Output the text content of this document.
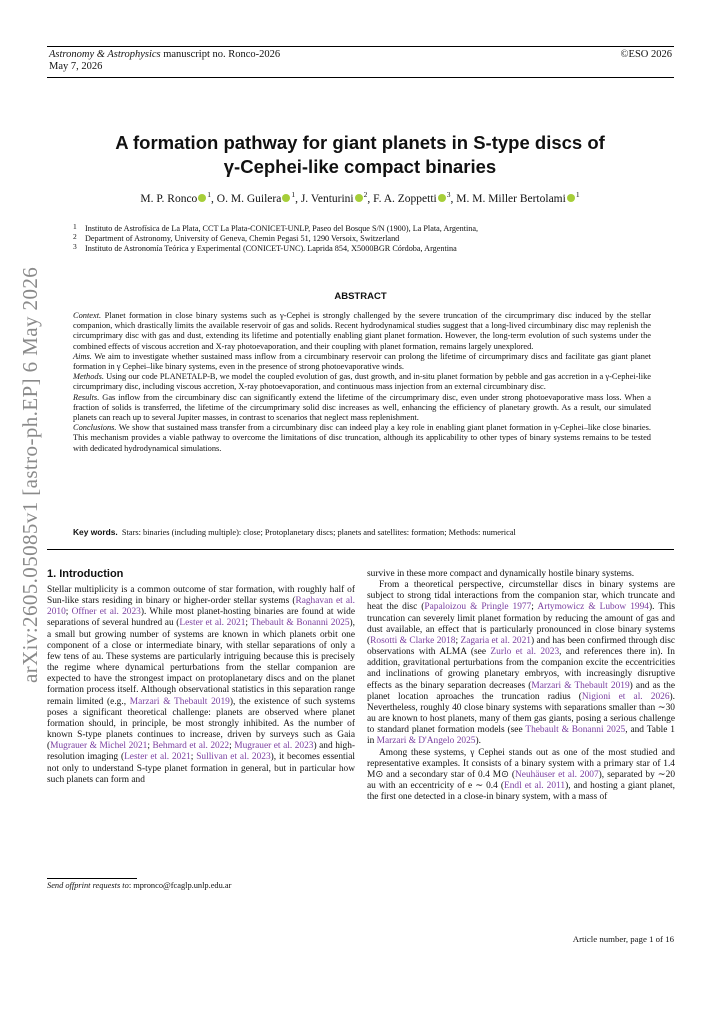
Astronomy & Astrophysics manuscript no. Ronco-2026
May 7, 2026
©ESO 2026
arXiv:2605.05085v1 [astro-ph.EP] 6 May 2026
A formation pathway for giant planets in S-type discs of
γ-Cephei-like compact binaries
M. P. Ronco $^1$, O. M. Guilera $^1$, J. Venturini $^2$, F. A. Zoppetti $^3$, M. M. Miller Bertolami $^1$
1 Instituto de Astrofísica de La Plata, CCT La Plata-CONICET-UNLP, Paseo del Bosque S/N (1900), La Plata, Argentina,
2 Department of Astronomy, University of Geneva, Chemin Pegasi 51, 1290 Versoix, Switzerland
3 Instituto de Astronomía Teórica y Experimental (CONICET-UNC). Laprida 854, X5000BGR Córdoba, Argentina
ABSTRACT
Context. Planet formation in close binary systems such as γ-Cephei is strongly challenged by the severe truncation of the circumprimary disc induced by the stellar companion, which drastically limits the available reservoir of gas and solids. Recent hydrodynamical studies suggest that a long-lived circumbinary disc may replenish the circumprimary disc with gas and dust, extending its lifetime and potentially enabling giant planet formation. However, the long-term evolution of such systems under the combined effects of viscous accretion and X-ray photoevaporation, and their coupling with planet formation, remains largely unexplored.
Aims. We aim to investigate whether sustained mass inflow from a circumbinary reservoir can prolong the lifetime of circumprimary discs and facilitate gas giant planet formation in γ Cephei–like binary systems, even in the presence of strong photoevaporative winds.
Methods. Using our code PLANETALP-B, we model the coupled evolution of gas, dust growth, and in-situ planet formation by pebble and gas accretion in a γ-Cephei-like circumprimary disc, including viscous accretion, X-ray photoevaporation, and continuous mass injection from an external circumbinary disc.
Results. Gas inflow from the circumbinary disc can significantly extend the lifetime of the circumprimary disc, even under strong photoevaporative mass loss. When a fraction of solids is transferred, the lifetime of the circumprimary solid disc increases as well, enhancing the efficiency of planetary growth. As a result, our simulated planets can reach up to several Jupiter masses, in contrast to scenarios that neglect mass replenishment.
Conclusions. We show that sustained mass transfer from a circumbinary disc can indeed play a key role in enabling giant planet formation in γ-Cephei–like close binaries. This mechanism provides a viable pathway to overcome the limitations of disc truncation, although its applicability to other types of binary systems remains to be tested with dedicated hydrodynamical simulations.
Key words. Stars: binaries (including multiple): close; Protoplanetary discs; planets and satellites: formation; Methods: numerical
1. Introduction

Stellar multiplicity is a common outcome of star formation, with roughly half of Sun-like stars residing in binary or higher-order stellar systems (Raghavan et al. 2010; Offner et al. 2023). While most planet-hosting binaries are found at wide separations of several hundred au (Lester et al. 2021; Thebault & Bonanni 2025), a small but growing number of systems are known in which planets orbit one component of a close or intermediate binary, with stellar separations of only a few tens of au. These systems are particularly intriguing because this is precisely the regime where dynamical perturbations from the stellar companion are expected to have the strongest impact on protoplanetary discs and on the planet formation process itself. Although observational statistics in this separation range remain limited (e.g., Marzari & Thebault 2019), the existence of such systems poses a significant theoretical challenge: planets are observed where planet formation should, in principle, be most strongly inhibited. As the number of known S-type planets continues to increase, driven by surveys such as Gaia (Mugrauer & Michel 2021; Behmard et al. 2022; Mugrauer et al. 2023) and high-resolution imaging (Lester et al. 2021; Sullivan et al. 2023), it becomes essential not only to understand S-type planet formation in general, but in particular how such planets can form and

survive in these more compact and dynamically hostile binary systems.

From a theoretical perspective, circumstellar discs in binary systems are subject to strong tidal interactions from the companion star, which truncate and heat the disc (Papaloizou & Pringle 1977; Artymowicz & Lubow 1994). This truncation can severely limit planet formation by reducing the amount of gas and dust available, an effect that is particularly pronounced in close binary systems (Rosotti & Clarke 2018; Zagaria et al. 2021) and has been confirmed through disc observations with ALMA (see Zurlo et al. 2023, and references there in). In addition, gravitational perturbations from the companion excite the eccentricities and inclinations of growing planetary embryos, with increasingly disruptive effects as the binary separation decreases (Marzari & Thebault 2019) and as the planet location aproaches the truncation radius (Nigioni et al. 2026). Nevertheless, roughly 40 close binary systems with separations smaller than ∼30 au are known to host planets, many of them gas giants, posing a serious challenge to standard planet formation models (see Thebault & Bonanni 2025, and Table 1 in Marzari & D'Angelo 2025).

Among these systems, γ Cephei stands out as one of the most studied and representative examples. It consists of a binary system with a primary star of 1.4 M⊙ and a secondary star of 0.4 M⊙ (Neuhäuser et al. 2007), separated by ∼20 au with an eccentricity of e ∼ 0.4 (Endl et al. 2011), and hosting a giant planet, the first one detected in a close-in binary system, with a mass of

Send offprint requests to: mpronco@fcaglp.unlp.edu.ar
Article number, page 1 of 16
